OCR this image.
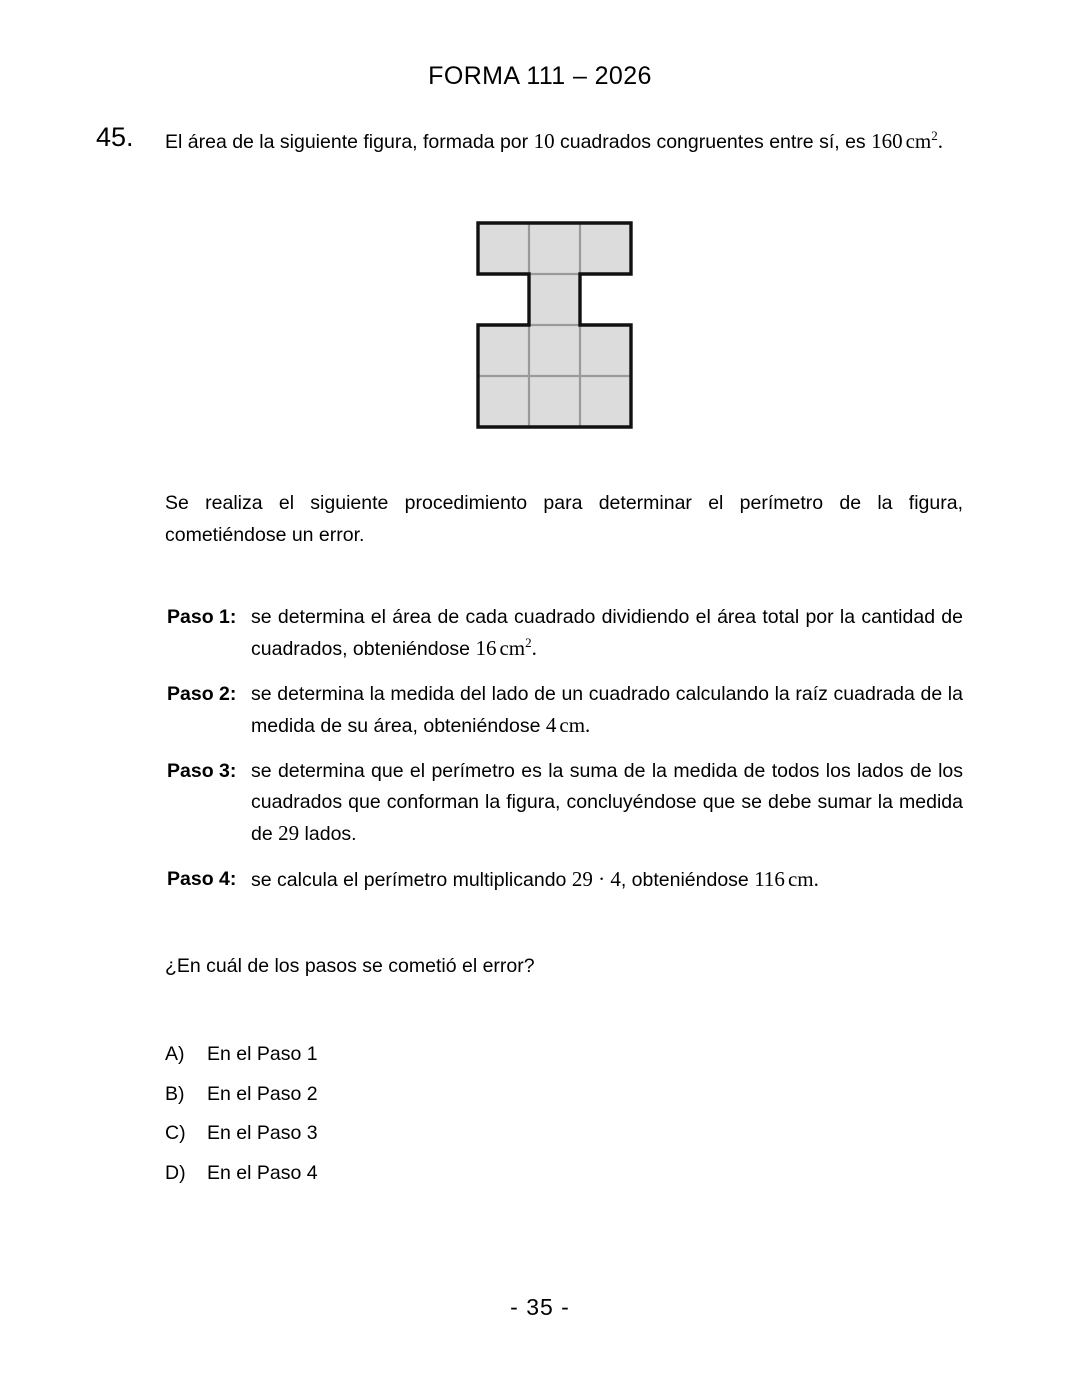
FORMA 111 – 2026
45. El área de la siguiente figura, formada por 10 cuadrados congruentes entre sí, es 160 $cm^2$.
Se realiza el siguiente procedimiento para determinar el perímetro de la figura, cometiéndose un error.
Paso 1: se determina el área de cada cuadrado dividiendo el área total por la cantidad de cuadrados, obteniéndose 16 $cm^2$.
Paso 2: se determina la medida del lado de un cuadrado calculando la raíz cuadrada de la medida de su área, obteniéndose 4 cm.
Paso 3: se determina que el perímetro es la suma de la medida de todos los lados de los cuadrados que conforman la figura, concluyéndose que se debe sumar la medida de 29 lados.
Paso 4: se calcula el perímetro multiplicando 29 · 4, obteniéndose 116 cm.
¿En cuál de los pasos se cometió el error?
A) En el Paso 1
B) En el Paso 2
C) En el Paso 3
D) En el Paso 4
- 35 -
